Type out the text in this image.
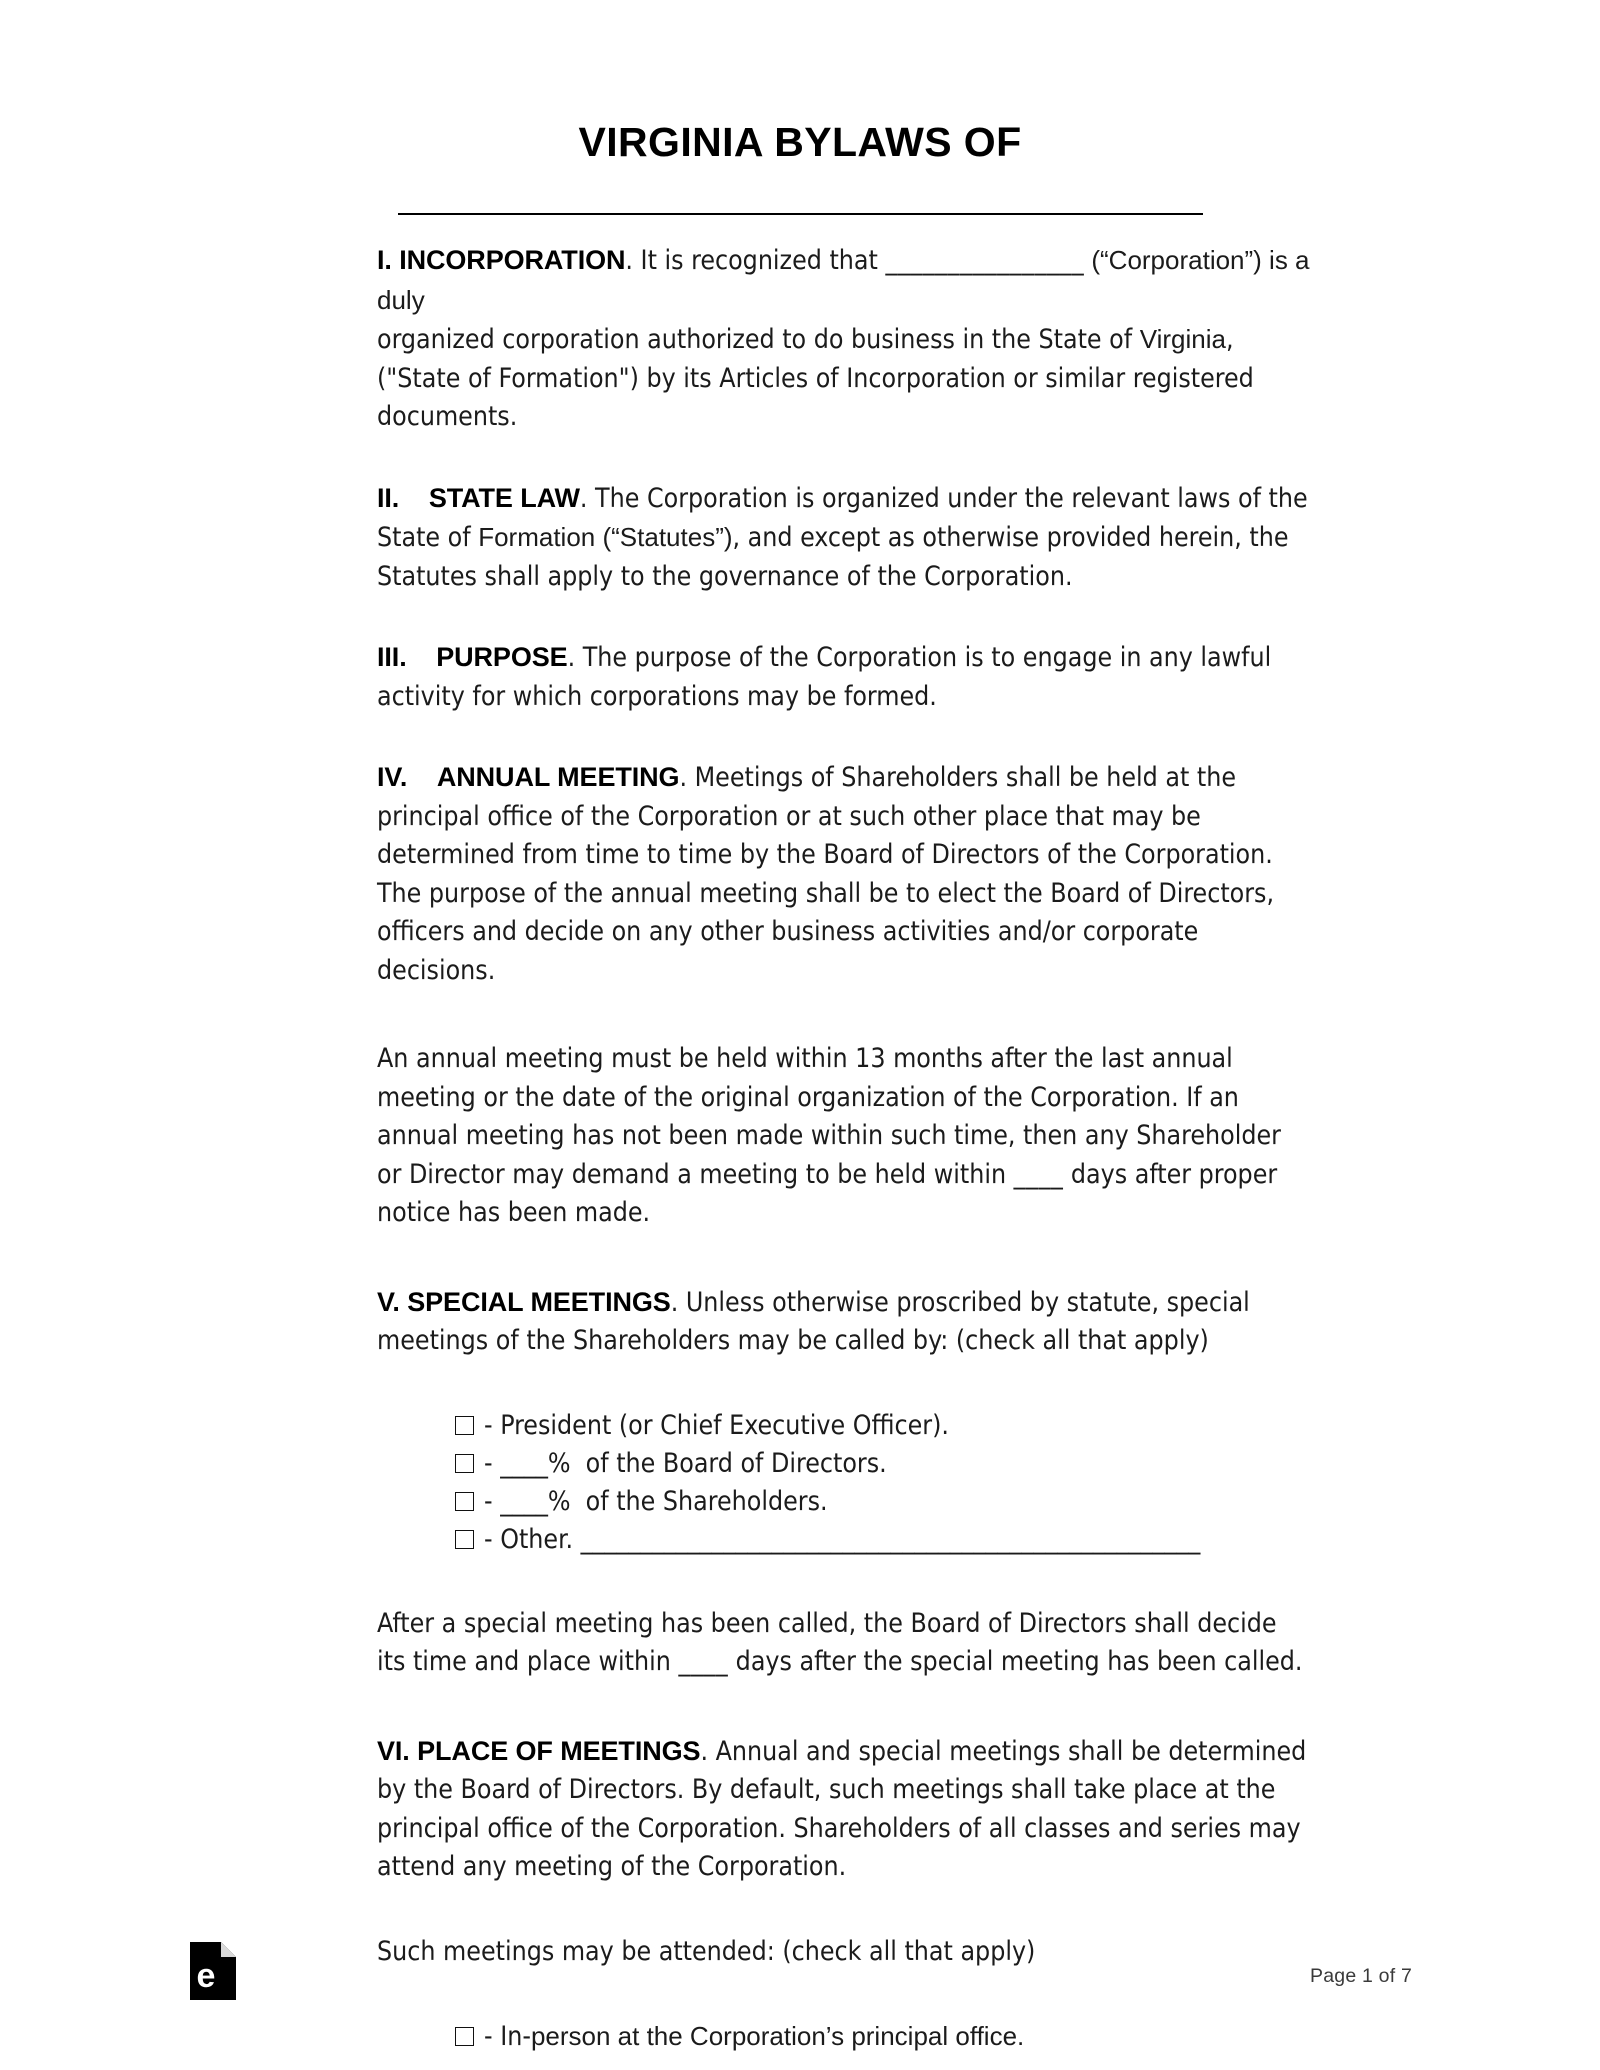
VIRGINIA BYLAWS OF

I. INCORPORATION. It is recognized that ________________ (“Corporation”) is a duly
organized corporation authorized to do business in the State of Virginia,
("State of Formation") by its Articles of Incorporation or similar registered documents.

II. STATE LAW. The Corporation is organized under the relevant laws of the State of Formation (“Statutes”), and except as otherwise provided herein, the Statutes shall apply to the governance of the Corporation.

III. PURPOSE. The purpose of the Corporation is to engage in any lawful activity for which corporations may be formed.

IV. ANNUAL MEETING. Meetings of Shareholders shall be held at the principal office of the Corporation or at such other place that may be determined from time to time by the Board of Directors of the Corporation. The purpose of the annual meeting shall be to elect the Board of Directors, officers and decide on any other business activities and/or corporate decisions.

An annual meeting must be held within 13 months after the last annual meeting or the date of the original organization of the Corporation. If an annual meeting has not been made within such time, then any Shareholder or Director may demand a meeting to be held within ____ days after proper notice has been made.

V. SPECIAL MEETINGS. Unless otherwise proscribed by statute, special meetings of the Shareholders may be called by: (check all that apply)

- President (or Chief Executive Officer).
- ____%  of the Board of Directors.
- ____%  of the Shareholders.
- Other. ____________________________________________________

After a special meeting has been called, the Board of Directors shall decide its time and place within ____ days after the special meeting has been called.

VI. PLACE OF MEETINGS. Annual and special meetings shall be determined by the Board of Directors. By default, such meetings shall take place at the principal office of the Corporation. Shareholders of all classes and series may attend any meeting of the Corporation.

Such meetings may be attended: (check all that apply)

- In- person at the Corporation’s principal office.
e	Page 1 of 7
